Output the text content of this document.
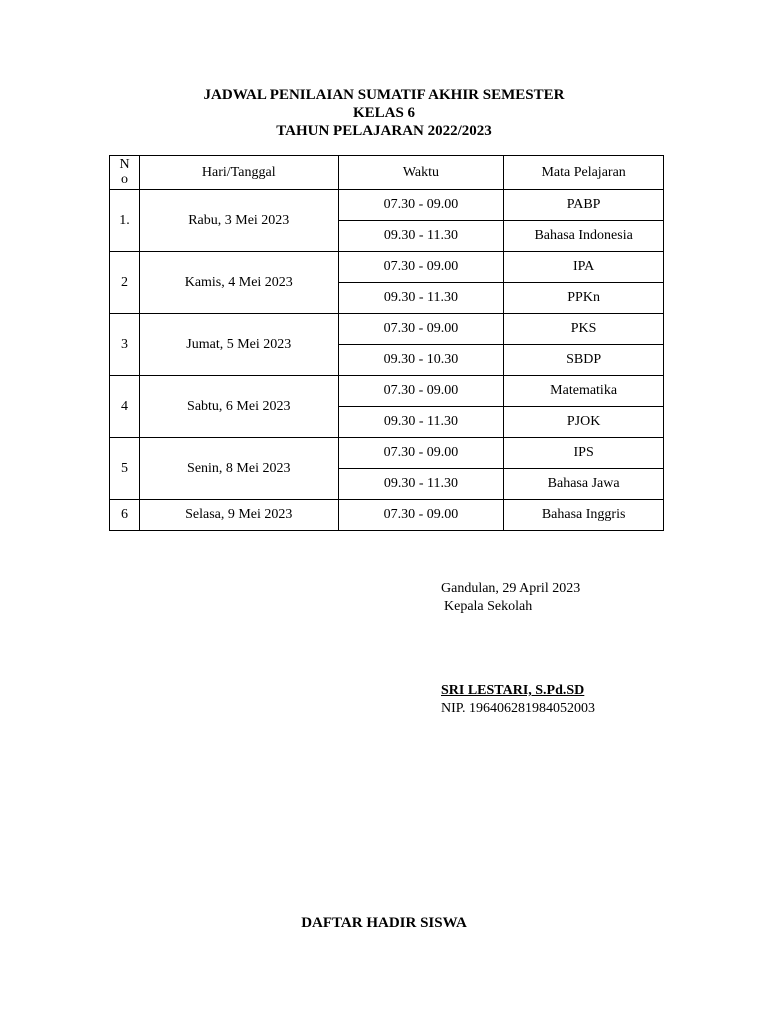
JADWAL PENILAIAN SUMATIF AKHIR SEMESTER
KELAS 6
TAHUN PELAJARAN 2022/2023
No	Hari/Tanggal	Waktu	Mata Pelajaran
1.	Rabu, 3 Mei 2023	07.30 - 09.00	PABP
		09.30 - 11.30	Bahasa Indonesia
2	Kamis, 4 Mei 2023	07.30 - 09.00	IPA
		09.30 - 11.30	PPKn
3	Jumat, 5 Mei 2023	07.30 - 09.00	PKS
		09.30 - 10.30	SBDP
4	Sabtu, 6 Mei 2023	07.30 - 09.00	Matematika
		09.30 - 11.30	PJOK
5	Senin, 8 Mei 2023	07.30 - 09.00	IPS
		09.30 - 11.30	Bahasa Jawa
6	Selasa, 9 Mei 2023	07.30 - 09.00	Bahasa Inggris
Gandulan, 29 April 2023
Kepala Sekolah
SRI LESTARI, S.Pd.SD
NIP. 196406281984052003
DAFTAR HADIR SISWA
